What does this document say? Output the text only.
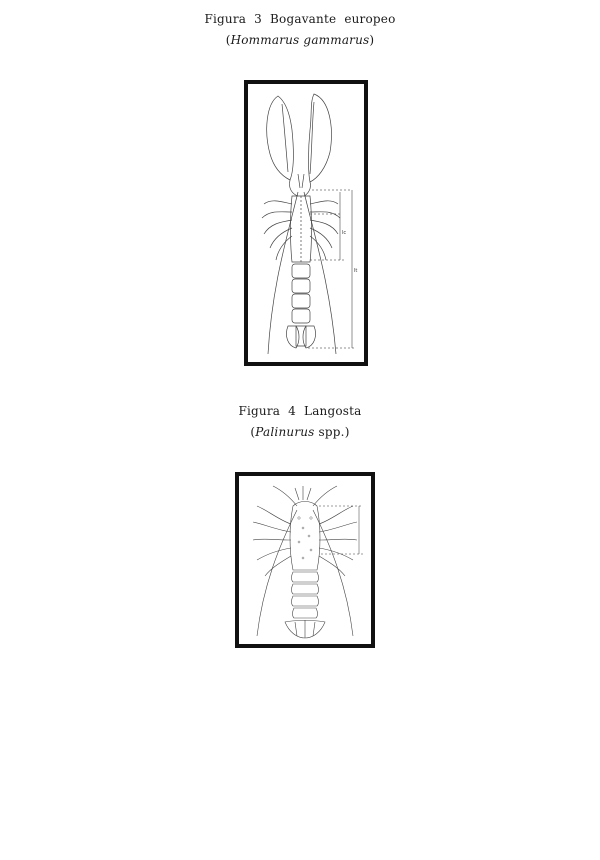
Figura  3  Bogavante  europeo
(Hommarus gammarus)
lc
lt
Figura  4  Langosta
(Palinurus spp.)
